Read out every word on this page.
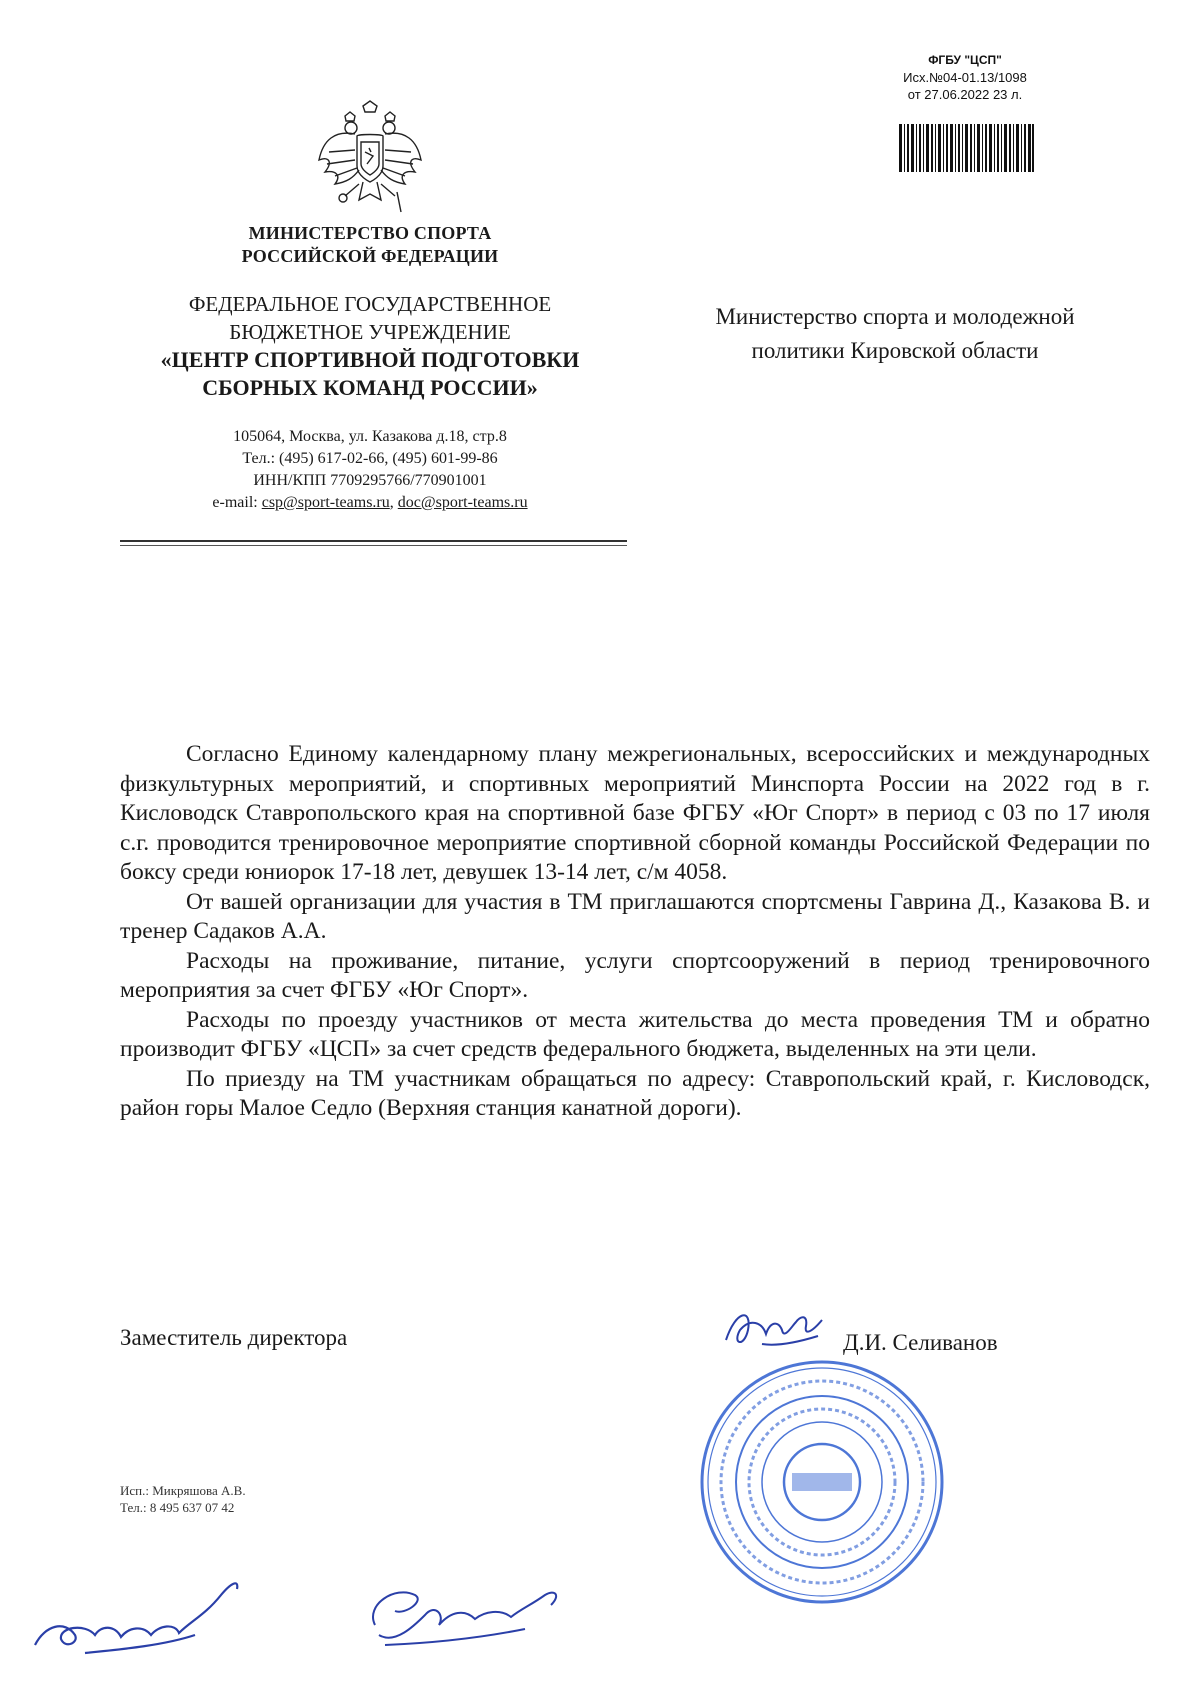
ФГБУ "ЦСП"
Исх.№04-01.13/1098
от 27.06.2022 23 л.
МИНИСТЕРСТВО СПОРТА
РОССИЙСКОЙ ФЕДЕРАЦИИ
ФЕДЕРАЛЬНОЕ ГОСУДАРСТВЕННОЕ
БЮДЖЕТНОЕ УЧРЕЖДЕНИЕ
«ЦЕНТР СПОРТИВНОЙ ПОДГОТОВКИ
СБОРНЫХ КОМАНД РОССИИ»
105064, Москва, ул. Казакова д.18, стр.8
Тел.: (495) 617-02-66, (495) 601-99-86
ИНН/КПП 7709295766/770901001
e-mail: csp@sport-teams.ru, doc@sport-teams.ru
Министерство спорта и молодежной
политики Кировской области

Согласно Единому календарному плану межрегиональных, всероссийских и международных физкультурных мероприятий, и спортивных мероприятий Минспорта России на 2022 год в г. Кисловодск Ставропольского края на спортивной базе ФГБУ «Юг Спорт» в период с 03 по 17 июля с.г. проводится тренировочное мероприятие спортивной сборной команды Российской Федерации по боксу среди юниорок 17-18 лет, девушек 13-14 лет, с/м 4058.

От вашей организации для участия в ТМ приглашаются спортсмены Гаврина Д., Казакова В. и тренер Садаков А.А.

Расходы на проживание, питание, услуги спортсооружений в период тренировочного мероприятия за счет ФГБУ «Юг Спорт».

Расходы по проезду участников от места жительства до места проведения ТМ и обратно производит ФГБУ «ЦСП» за счет средств федерального бюджета, выделенных на эти цели.

По приезду на ТМ участникам обращаться по адресу: Ставропольский край, г. Кисловодск, район горы Малое Седло (Верхняя станция канатной дороги).

Заместитель директора	Д.И. Селиванов
Исп.: Микряшова А.В.
Тел.: 8 495 637 07 42
